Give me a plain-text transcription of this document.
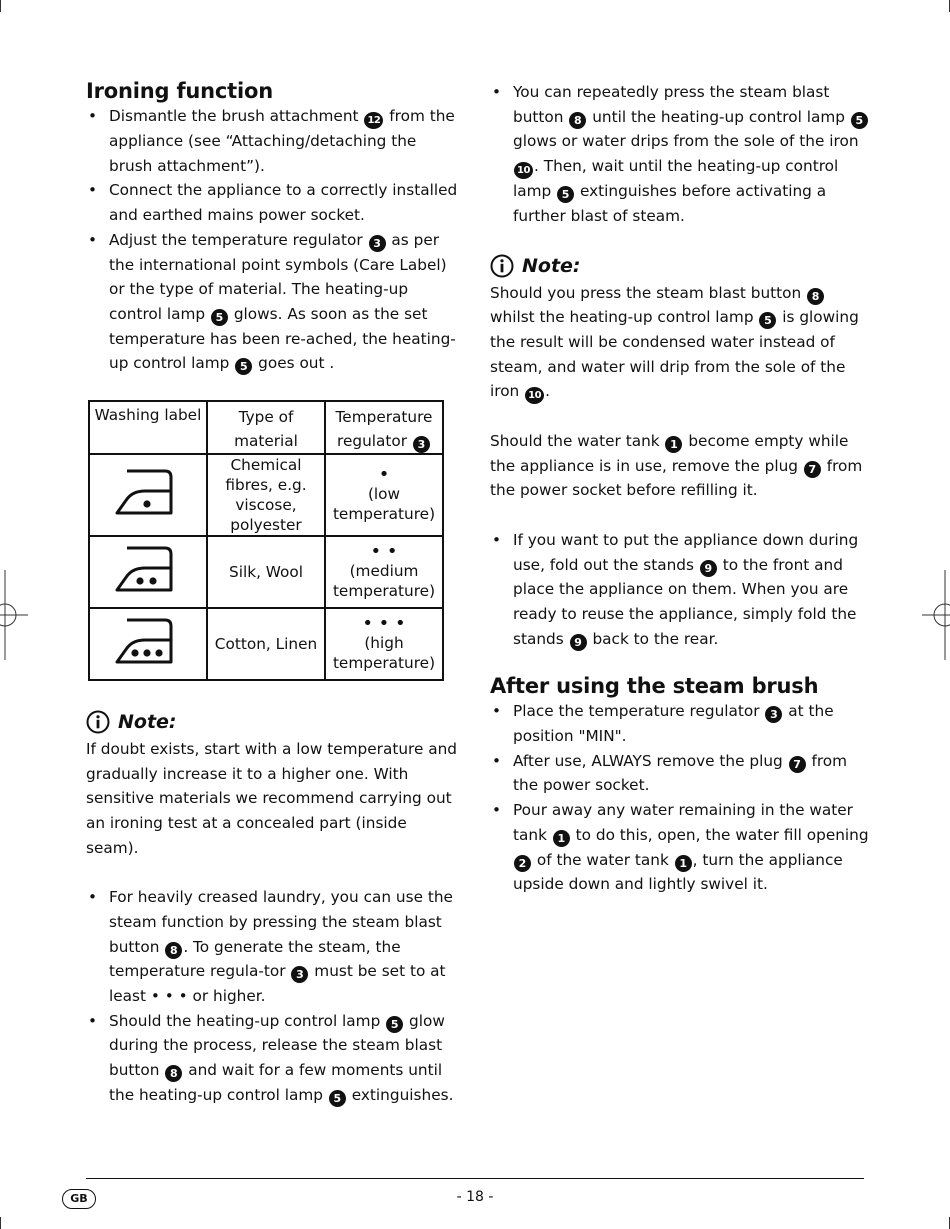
Ironing function
• Dismantle the brush attachment 12 from the appliance (see “Attaching/detaching the brush attachment”).
• Connect the appliance to a correctly installed and earthed mains power socket.
• Adjust the temperature regulator 3 as per the international point symbols (Care Label) or the type of material. The heating-up control lamp 5 glows. As soon as the set temperature has been re-ached, the heating-up control lamp 5 goes out .
Washing label	Type of material	Temperature regulator 3
	Chemical fibres, e.g. viscose, polyester	•
(low temperature)

	Silk, Wool	• •
(medium temperature)

	Cotton, Linen	• • •
(high temperature)
Note:

If doubt exists, start with a low temperature and gradually increase it to a higher one. With sensitive materials we recommend carrying out an ironing test at a concealed part (inside seam).

• For heavily creased laundry, you can use the steam function by pressing the steam blast button 8 . To generate the steam, the temperature regula-tor 3 must be set to at least • • • or higher.
• Should the heating-up control lamp 5 glow during the process, release the steam blast button 8 and wait for a few moments until the heating-up control lamp 5 extinguishes.
• You can repeatedly press the steam blast button 8 until the heating-up control lamp 5 glows or water drips from the sole of the iron 10 . Then, wait until the heating-up control lamp 5 extinguishes before activating a further blast of steam.
Note:

Should you press the steam blast button 8 whilst the heating-up control lamp 5 is glowing the result will be condensed water instead of steam, and water will drip from the sole of the iron 10 .

Should the water tank 1 become empty while the appliance is in use, remove the plug 7 from the power socket before refilling it.

• If you want to put the appliance down during use, fold out the stands 9 to the front and place the appliance on them. When you are ready to reuse the appliance, simply fold the stands 9 back to the rear.
After using the steam brush
• Place the temperature regulator 3 at the position "MIN".
• After use, ALWAYS remove the plug 7 from the power socket.
• Pour away any water remaining in the water tank 1 to do this, open, the water fill opening 2 of the water tank 1 , turn the appliance upside down and lightly swivel it.
GB	- 18 -
